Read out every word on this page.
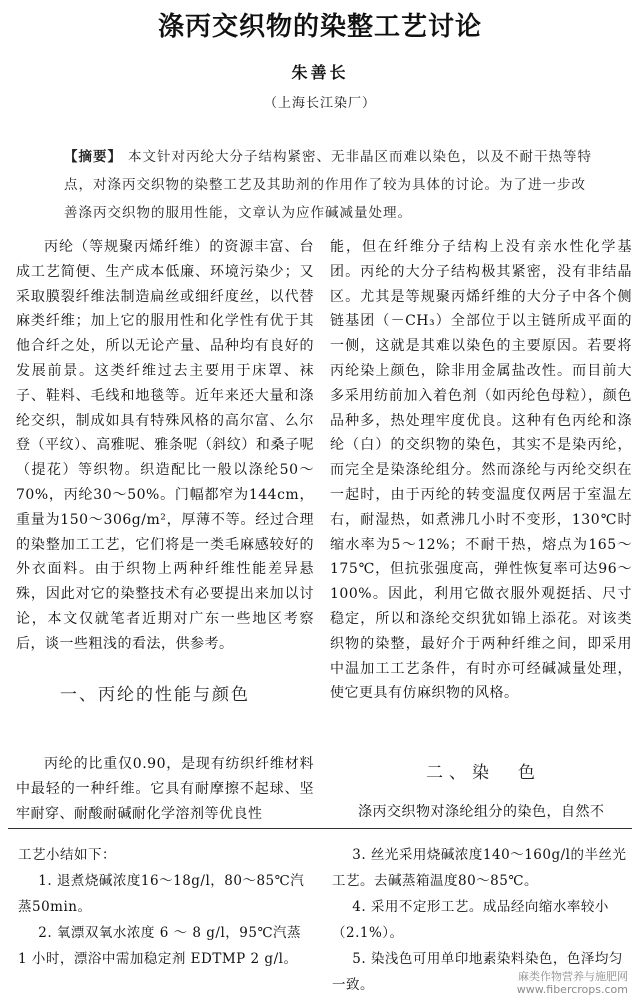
涤丙交织物的染整工艺讨论
朱善长
（上海长江染厂）
【摘要】 本文针对丙纶大分子结构紧密、无非晶区而难以染色，以及不耐干热等特点，对涤丙交织物的染整工艺及其助剂的作用作了较为具体的讨论。为了进一步改善涤丙交织物的服用性能，文章认为应作碱减量处理。

丙纶（等规聚丙烯纤维）的资源丰富、台成工艺简便、生产成本低廉、环境污染少；又采取膜裂纤维法制造扁丝或细纤度丝，以代替麻类纤维；加上它的服用性和化学性有优于其他合纤之处，所以无论产量、品种均有良好的发展前景。这类纤维过去主要用于床罩、袜子、鞋料、毛线和地毯等。近年来还大量和涤纶交织，制成如具有特殊风格的高尔富、么尔登（平纹）、高雅呢、雅条呢（斜纹）和桑子呢（提花）等织物。织造配比一般以涤纶50～70%，丙纶30～50%。门幅都窄为144cm，重量为150～306g/m²，厚薄不等。经过合理的染整加工工艺，它们将是一类毛麻感较好的外衣面料。由于织物上两种纤维性能差异悬殊，因此对它的染整技术有必要提出来加以讨论，本文仅就笔者近期对广东一些地区考察后，谈一些粗浅的看法，供参考。

一、丙纶的性能与颜色

丙纶的比重仅0.90，是现有纺织纤维材料中最轻的一种纤维。它具有耐摩擦不起球、坚牢耐穿、耐酸耐碱耐化学溶剂等优良性

能，但在纤维分子结构上没有亲水性化学基团。丙纶的大分子结构极其紧密，没有非结晶区。尤其是等规聚丙烯纤维的大分子中各个侧链基团（－CH₃）全部位于以主链所成平面的一侧，这就是其难以染色的主要原因。若要将丙纶染上颜色，除非用金属盐改性。而目前大多采用纺前加入着色剂（如丙纶色母粒），颜色品种多，热处理牢度优良。这种有色丙纶和涤纶（白）的交织物的染色，其实不是染丙纶，而完全是染涤纶组分。然而涤纶与丙纶交织在一起时，由于丙纶的转变温度仅两居于室温左右，耐湿热，如煮沸几小时不变形，130℃时缩水率为5～12%；不耐干热，熔点为165～175℃，但抗张强度高，弹性恢复率可达96～100%。因此，利用它做衣服外观挺括、尺寸稳定，所以和涤纶交织犹如锦上添花。对该类织物的染整，最好介于两种纤维之间，即采用中温加工工艺条件，有时亦可经碱减量处理，使它更具有仿麻织物的风格。

二、染　色

涤丙交织物对涤纶组分的染色，自然不

工艺小结如下：

1. 退煮烧碱浓度16～18g/l，80～85℃汽蒸50min。

2. 氧漂双氧水浓度 6 ～ 8 g/l，95℃汽蒸 1 小时，漂浴中需加稳定剂 EDTMP 2 g/l。

3. 丝光采用烧碱浓度140～160g/l的半丝光工艺。去碱蒸箱温度80～85℃。

4. 采用不定形工艺。成品经向缩水率较小（2.1%）。

5. 染浅色可用单印地素染料染色，色泽均匀一致。

麻类作物营养与施肥网
www.fibercrops.com
